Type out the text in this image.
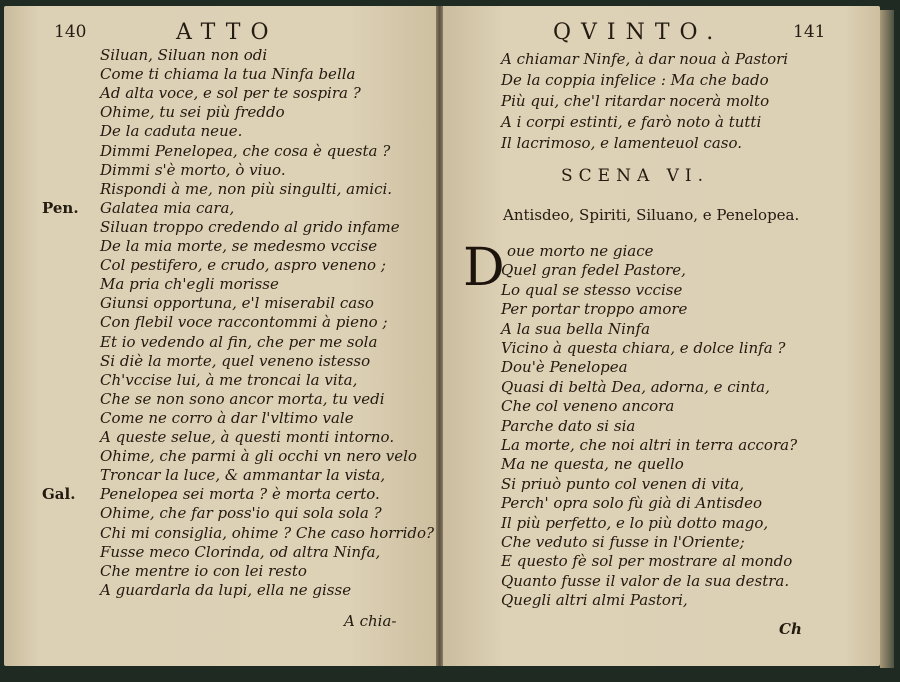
140	ATTO
Siluan, Siluan non odi
Come ti chiama la tua Ninfa bella
Ad alta voce, e sol per te sospira ?
Ohime, tu sei più freddo
De la caduta neue.
Dimmi Penelopea, che cosa è questa ?
Dimmi s'è morto, ò viuo.
Rispondi à me, non più singulti, amici.
Pen. Galatea mia cara,
Siluan troppo credendo al grido infame
De la mia morte, se medesmo vccise
Col pestifero, e crudo, aspro veneno ;
Ma pria ch'egli morisse
Giunsi opportuna, e'l miserabil caso
Con flebil voce raccontommi à pieno ;
Et io vedendo al fin, che per me sola
Si diè la morte, quel veneno istesso
Ch'vccise lui, à me troncai la vita,
Che se non sono ancor morta, tu vedi
Come ne corro à dar l'vltimo vale
A queste selue, à questi monti intorno.
Ohime, che parmi à gli occhi vn nero velo
Troncar la luce, & ammantar la vista,
Gal. Penelopea sei morta ? è morta certo.
Ohime, che far poss'io qui sola sola ?
Chi mi consiglia, ohime ? Che caso horrido?
Fusse meco Clorinda, od altra Ninfa,
Che mentre io con lei resto
A guardarla da lupi, ella ne gisse
A chia-
QVINTO.	141
A chiamar Ninfe, à dar noua à Pastori
De la coppia infelice : Ma che bado
Più qui, che'l ritardar nocerà molto
A i corpi estinti, e farò noto à tutti
Il lacrimoso, e lamenteuol caso.
SCENA VI.
Antisdeo, Spiriti, Siluano, e Penelopea.
D oue morto ne giace
Quel gran fedel Pastore,
Lo qual se stesso vccise
Per portar troppo amore
A la sua bella Ninfa
Vicino à questa chiara, e dolce linfa ?
Dou'è Penelopea
Quasi di beltà Dea, adorna, e cinta,
Che col veneno ancora
Parche dato si sia
La morte, che noi altri in terra accora?
Ma ne questa, ne quello
Si priuò punto col venen di vita,
Perch' opra solo fù già di Antisdeo
Il più perfetto, e lo più dotto mago,
Che veduto si fusse in l'Oriente;
E questo fè sol per mostrare al mondo
Quanto fusse il valor de la sua destra.
Quegli altri almi Pastori,
Ch
